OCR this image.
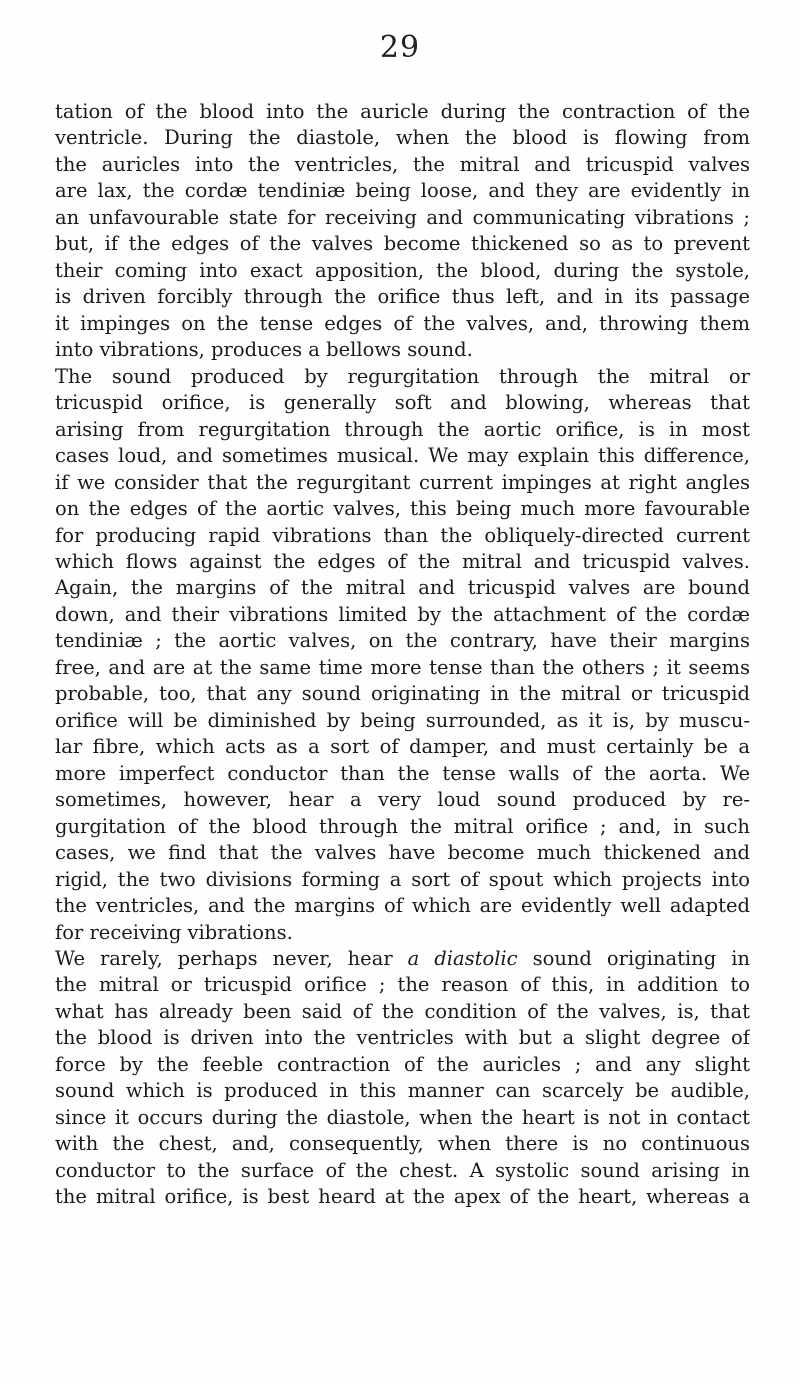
29
tation of the blood into the auricle during the contraction of the
ventricle. During the diastole, when the blood is flowing from
the auricles into the ventricles, the mitral and tricuspid valves
are lax, the cordæ tendiniæ being loose, and they are evidently in
an unfavourable state for receiving and communicating vibrations ;
but, if the edges of the valves become thickened so as to prevent
their coming into exact apposition, the blood, during the systole,
is driven forcibly through the orifice thus left, and in its passage
it impinges on the tense edges of the valves, and, throwing them
into vibrations, produces a bellows sound.
The sound produced by regurgitation through the mitral or
tricuspid orifice, is generally soft and blowing, whereas that
arising from regurgitation through the aortic orifice, is in most
cases loud, and sometimes musical. We may explain this difference,
if we consider that the regurgitant current impinges at right angles
on the edges of the aortic valves, this being much more favourable
for producing rapid vibrations than the obliquely-directed current
which flows against the edges of the mitral and tricuspid valves.
Again, the margins of the mitral and tricuspid valves are bound
down, and their vibrations limited by the attachment of the cordæ
tendiniæ ; the aortic valves, on the contrary, have their margins
free, and are at the same time more tense than the others ; it seems
probable, too, that any sound originating in the mitral or tricuspid
orifice will be diminished by being surrounded, as it is, by muscu-
lar fibre, which acts as a sort of damper, and must certainly be a
more imperfect conductor than the tense walls of the aorta. We
sometimes, however, hear a very loud sound produced by re-
gurgitation of the blood through the mitral orifice ; and, in such
cases, we find that the valves have become much thickened and
rigid, the two divisions forming a sort of spout which projects into
the ventricles, and the margins of which are evidently well adapted
for receiving vibrations.
We rarely, perhaps never, hear a diastolic sound originating in
the mitral or tricuspid orifice ; the reason of this, in addition to
what has already been said of the condition of the valves, is, that
the blood is driven into the ventricles with but a slight degree of
force by the feeble contraction of the auricles ; and any slight
sound which is produced in this manner can scarcely be audible,
since it occurs during the diastole, when the heart is not in contact
with the chest, and, consequently, when there is no continuous
conductor to the surface of the chest. A systolic sound arising in
the mitral orifice, is best heard at the apex of the heart, whereas a
